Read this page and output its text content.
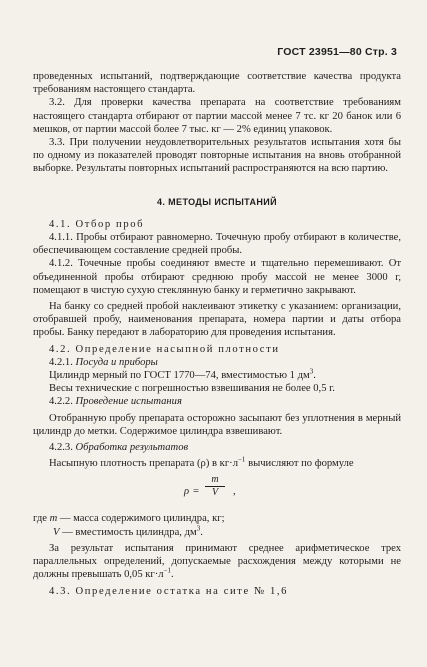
ГОСТ 23951—80 Стр. 3

проведенных испытаний, подтверждающие соответствие качества продукта требованиям настоящего стандарта.

3.2. Для проверки качества препарата на соответствие требованиям настоящего стандарта отбирают от партии массой менее 7 тс. кг 20 банок или 6 мешков, от партии массой более 7 тыс. кг — 2% единиц упаковок.

3.3. При получении неудовлетворительных результатов испытания хотя бы по одному из показателей проводят повторные испытания на вновь отобранной выборке. Результаты повторных испытаний распространяются на всю партию.

4. МЕТОДЫ ИСПЫТАНИЙ

4.1. Отбор проб

4.1.1. Пробы отбирают равномерно. Точечную пробу отбирают в количестве, обеспечивающем составление средней пробы.

4.1.2. Точечные пробы соединяют вместе и тщательно перемешивают. От объединенной пробы отбирают среднюю пробу массой не менее 3000 г, помещают в чистую сухую стеклянную банку и герметично закрывают.

На банку со средней пробой наклеивают этикетку с указанием: организации, отобравшей пробу, наименования препарата, номера партии и даты отбора пробы. Банку передают в лабораторию для проведения испытания.

4.2. Определение насыпной плотности

4.2.1. Посуда и приборы

Цилиндр мерный по ГОСТ 1770—74, вместимостью 1 $дм^3$.

Весы технические с погрешностью взвешивания не более 0,5 г.

4.2.2. Проведение испытания

Отобранную пробу препарата осторожно засыпают без уплотнения в мерный цилиндр до метки. Содержимое цилиндра взвешивают.

4.2.3. Обработка результатов

Насыпную плотность препарата (ρ) в $кг\cdot л^{-1}$ вычисляют по формуле

$\rho = \frac{m}{V}$ ,

где m — масса содержимого цилиндра, кг;

V — вместимость цилиндра, $дм^3$.

За результат испытания принимают среднее арифметическое трех параллельных определений, допускаемые расхождения между которыми не должны превышать 0,05 $кг\cdot л^{-1}$.

4.3. Определение остатка на сите № 1,6
